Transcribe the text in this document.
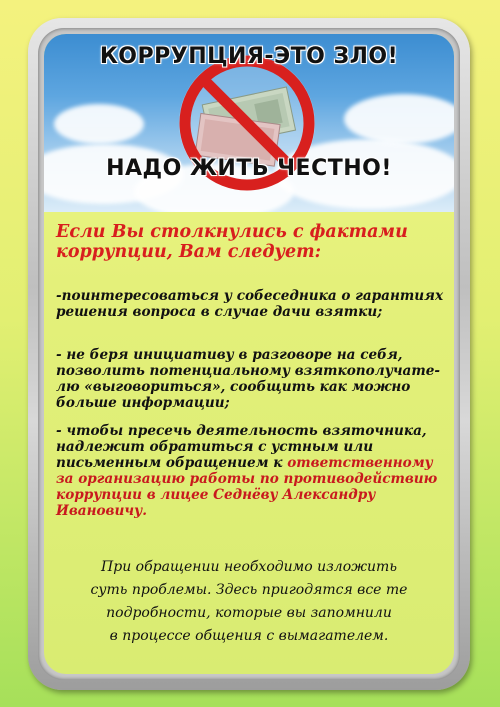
КОРРУПЦИЯ-ЭТО ЗЛО!
НАДО ЖИТЬ ЧЕСТНО!
Если Вы столкнулись с фактами коррупции, Вам следует:
-поинтересоваться у собеседника о гарантиях решения вопроса в случае дачи взятки;
- не беря инициативу в разговоре на себя, позволить потенциальному взяткополучате-лю «выговориться», сообщить как можно больше информации;
- чтобы пресечь деятельность взяточника, надлежит обратиться с устным или письменным обращением к ответственному за организацию работы по противодействию коррупции в лицее Седнёву Александру Ивановичу.
При обращении необходимо изложить
суть проблемы. Здесь пригодятся все те
подробности, которые вы запомнили
в процессе общения с вымагателем.
